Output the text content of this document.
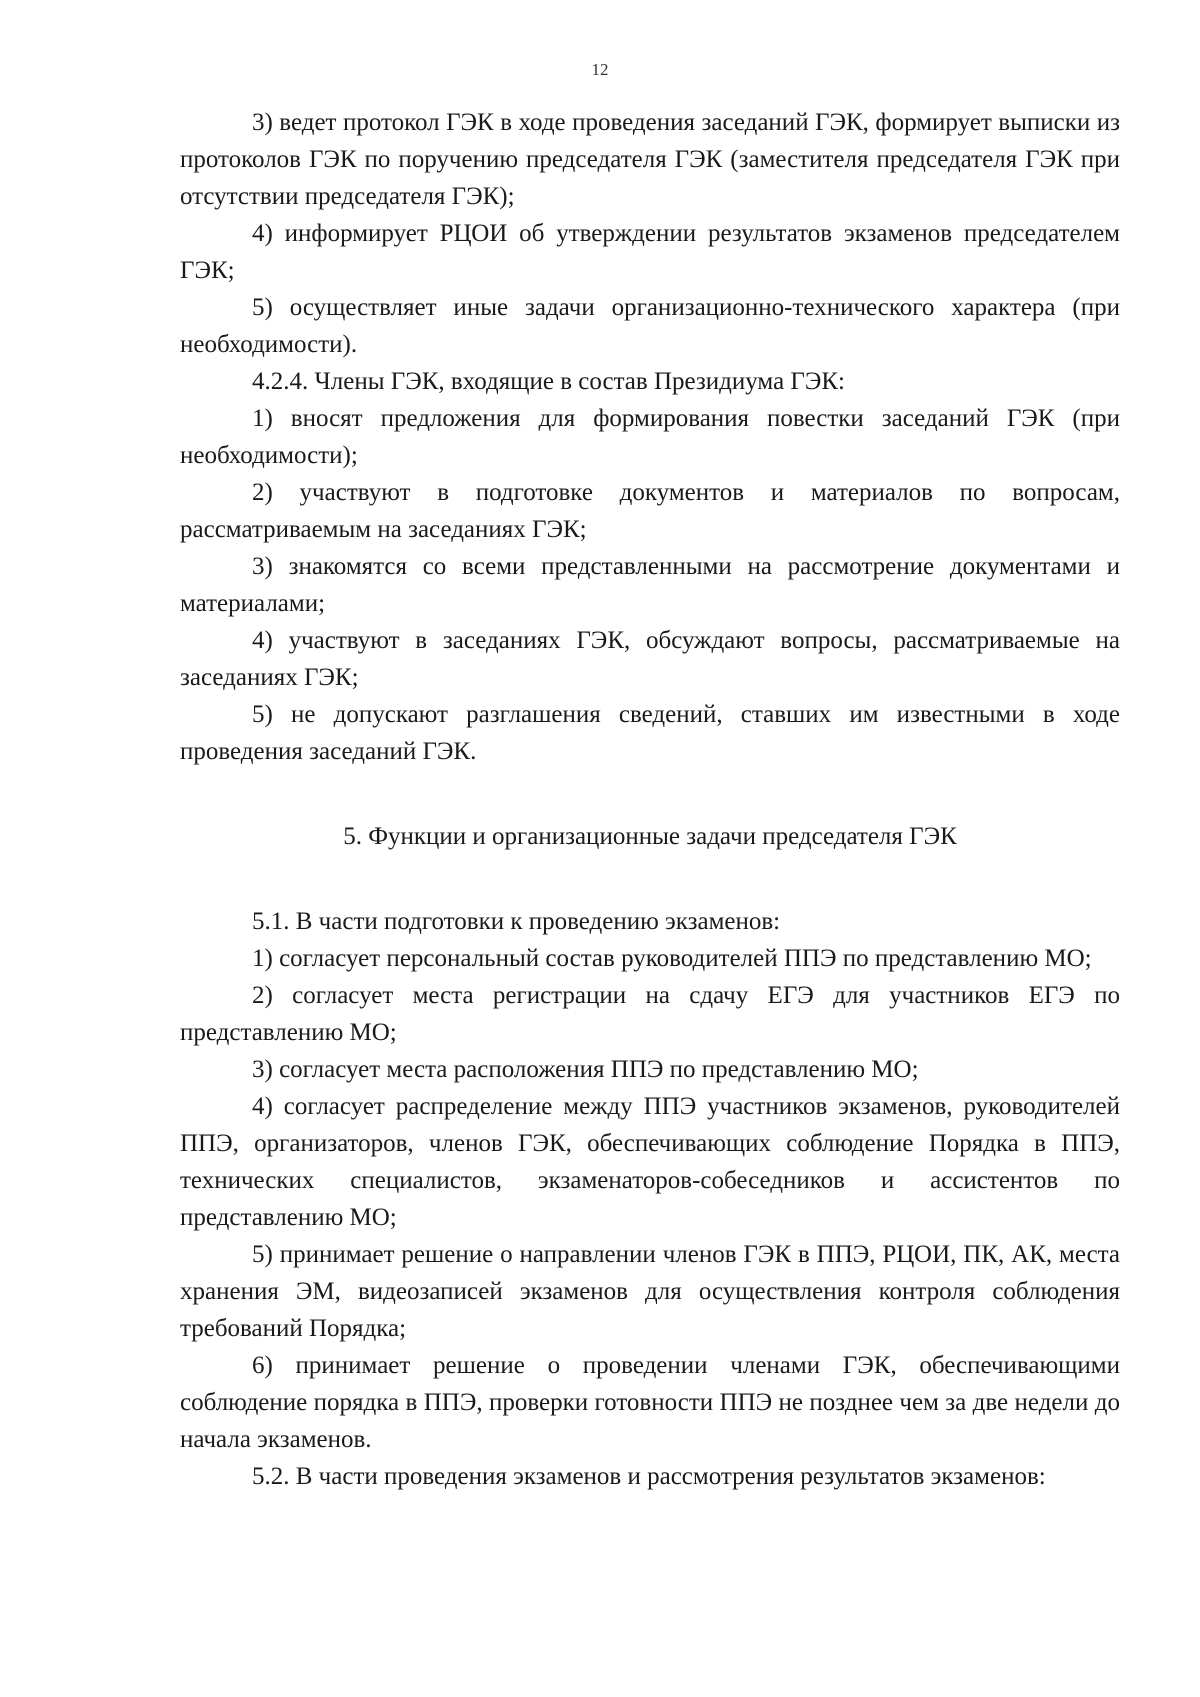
12

3) ведет протокол ГЭК в ходе проведения заседаний ГЭК, формирует выписки из протоколов ГЭК по поручению председателя ГЭК (заместителя председателя ГЭК при отсутствии председателя ГЭК);

4) информирует РЦОИ об утверждении результатов экзаменов председателем ГЭК;

5) осуществляет иные задачи организационно-технического характера (при необходимости).

4.2.4. Члены ГЭК, входящие в состав Президиума ГЭК:

1) вносят предложения для формирования повестки заседаний ГЭК (при необходимости);

2) участвуют в подготовке документов и материалов по вопросам, рассматриваемым на заседаниях ГЭК;

3) знакомятся со всеми представленными на рассмотрение документами и материалами;

4) участвуют в заседаниях ГЭК, обсуждают вопросы, рассматриваемые на заседаниях ГЭК;

5) не допускают разглашения сведений, ставших им известными в ходе проведения заседаний ГЭК.

5. Функции и организационные задачи председателя ГЭК

5.1. В части подготовки к проведению экзаменов:

1) согласует персональный состав руководителей ППЭ по представлению МО;

2) согласует места регистрации на сдачу ЕГЭ для участников ЕГЭ по представлению МО;

3) согласует места расположения ППЭ по представлению МО;

4) согласует распределение между ППЭ участников экзаменов, руководителей ППЭ, организаторов, членов ГЭК, обеспечивающих соблюдение Порядка в ППЭ, технических специалистов, экзаменаторов-собеседников и ассистентов по представлению МО;

5) принимает решение о направлении членов ГЭК в ППЭ, РЦОИ, ПК, АК, места хранения ЭМ, видеозаписей экзаменов для осуществления контроля соблюдения требований Порядка;

6) принимает решение о проведении членами ГЭК, обеспечивающими соблюдение порядка в ППЭ, проверки готовности ППЭ не позднее чем за две недели до начала экзаменов.

5.2. В части проведения экзаменов и рассмотрения результатов экзаменов:
